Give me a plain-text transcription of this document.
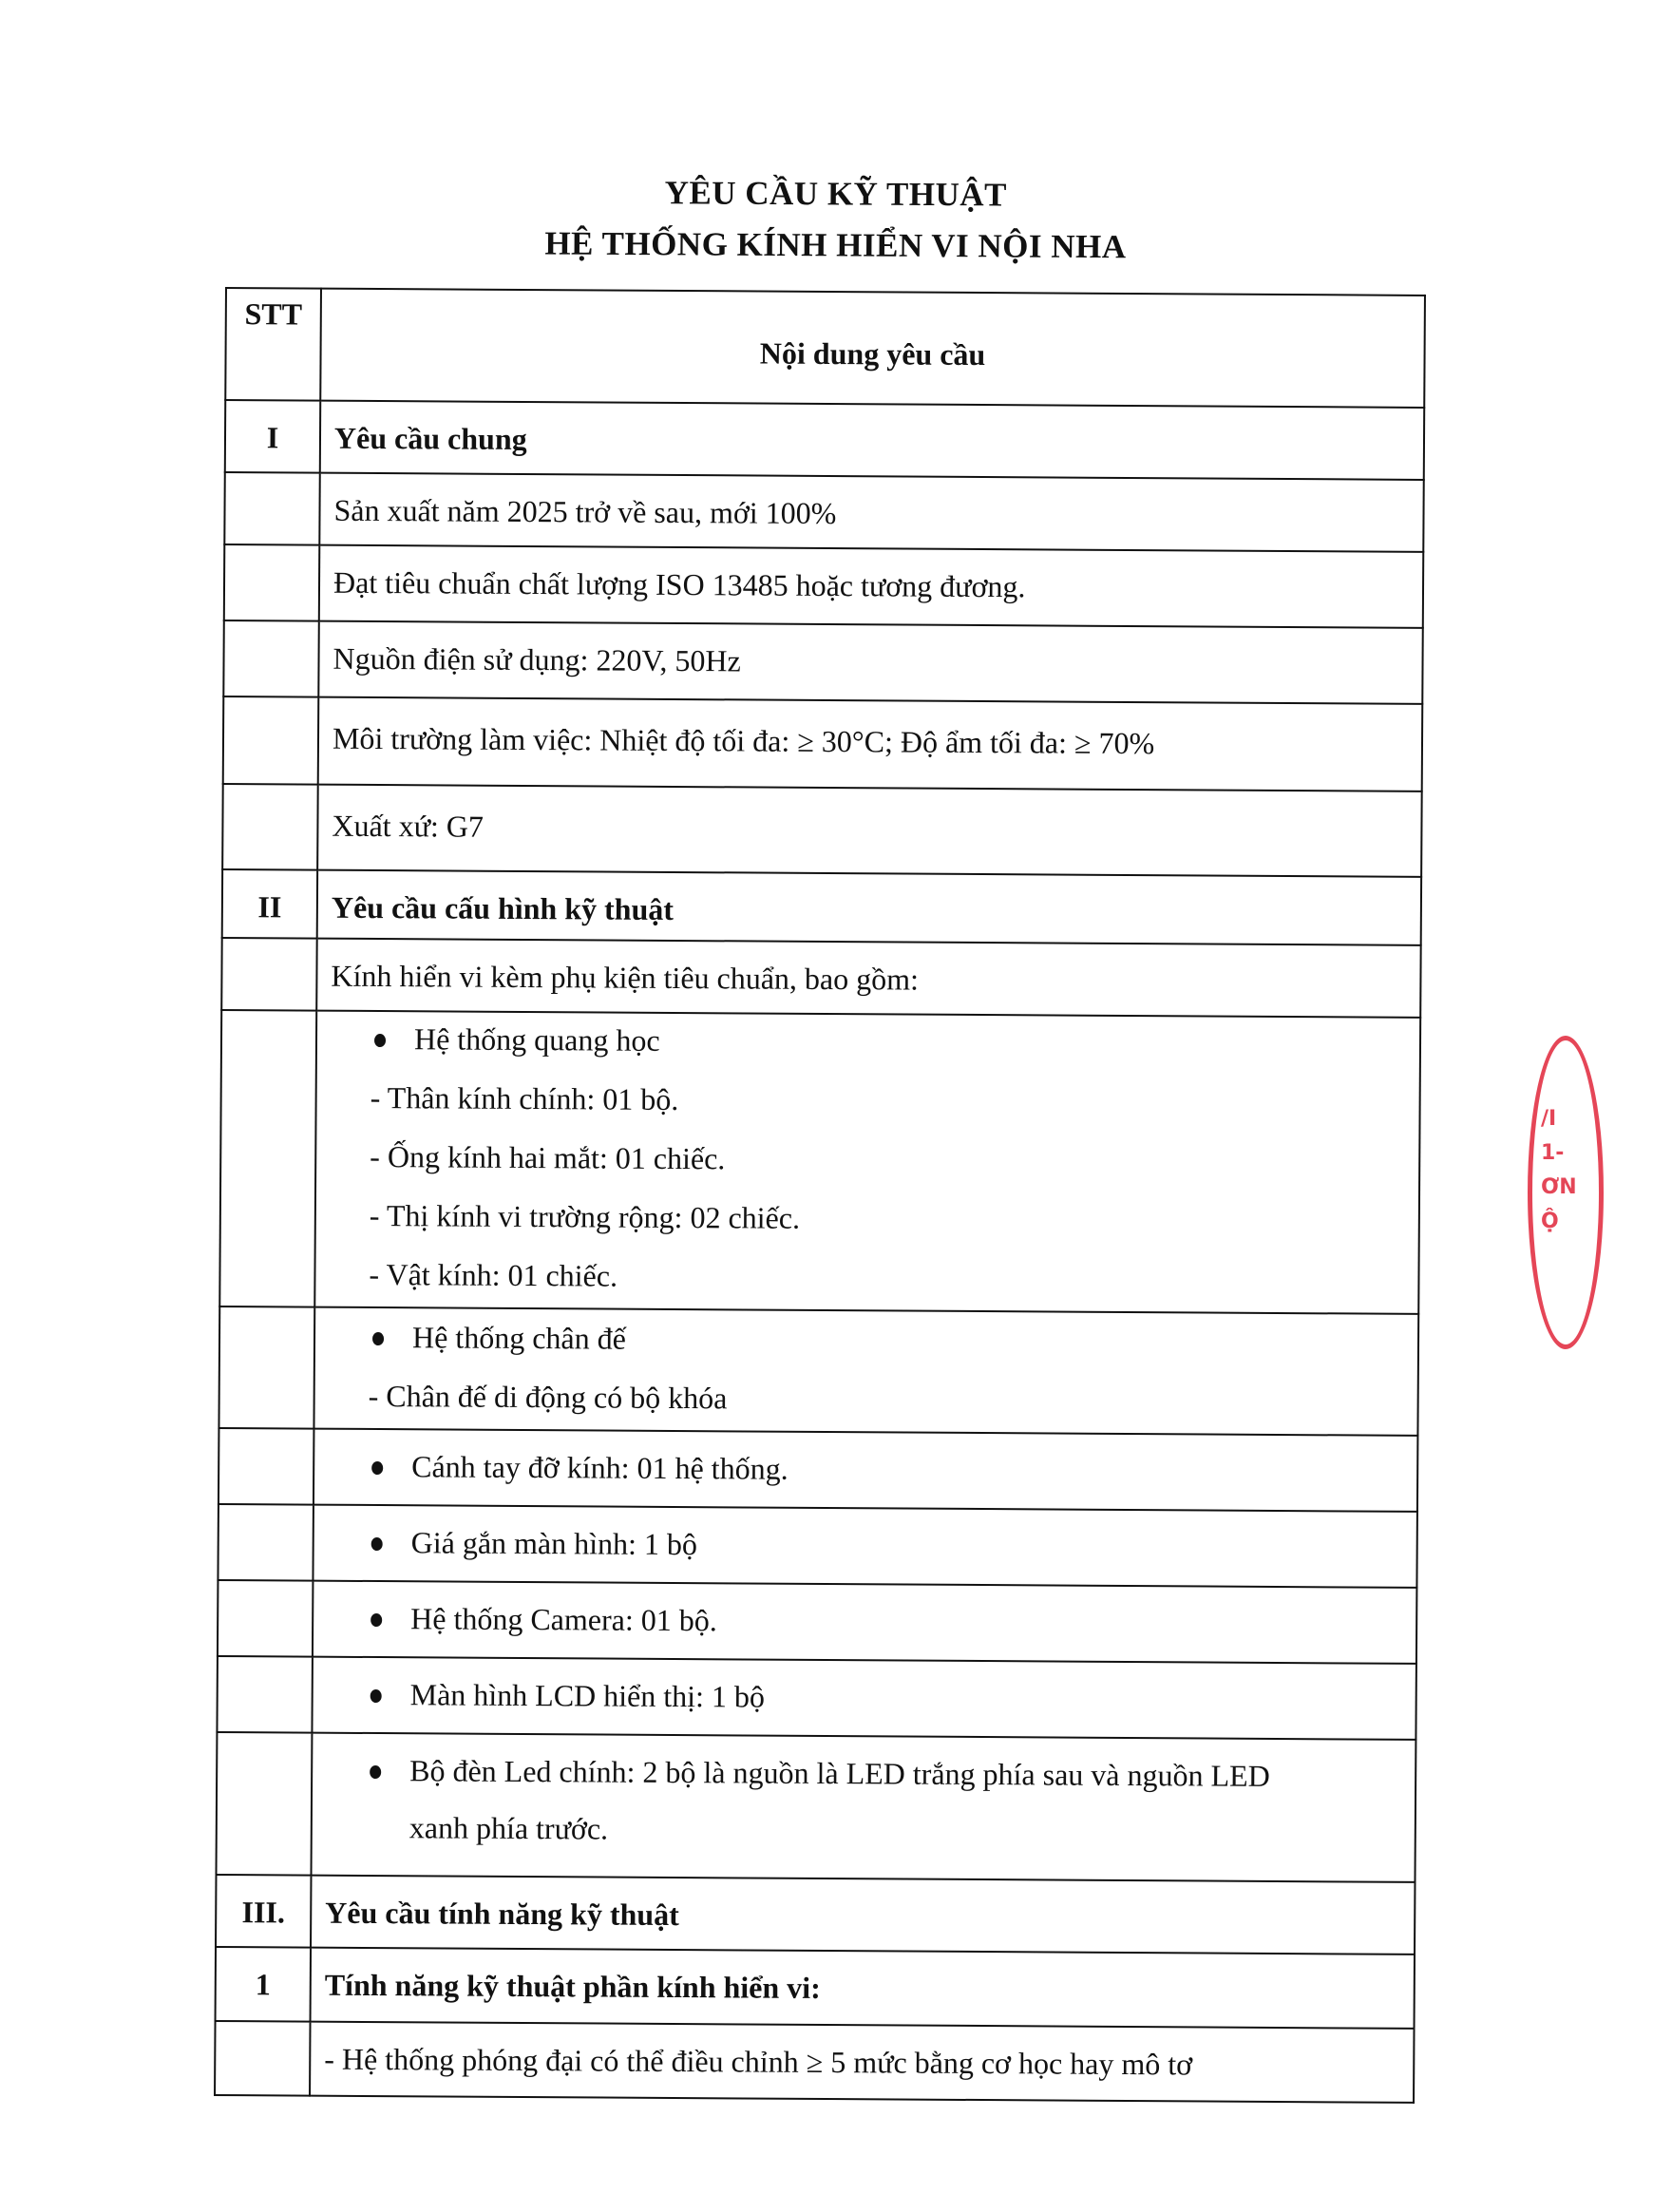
YÊU CẦU KỸ THUẬT
HỆ THỐNG KÍNH HIỂN VI NỘI NHA
STT	Nội dung yêu cầu
I	Yêu cầu chung
	Sản xuất năm 2025 trở về sau, mới 100%
	Đạt tiêu chuẩn chất lượng ISO 13485 hoặc tương đương.
	Nguồn điện sử dụng: 220V, 50Hz
	Môi trường làm việc: Nhiệt độ tối đa: ≥ 30°C; Độ ẩm tối đa: ≥ 70%
	Xuất xứ: G7
II	Yêu cầu cấu hình kỹ thuật
	Kính hiển vi kèm phụ kiện tiêu chuẩn, bao gồm:

	Hệ thống quang học
- Thân kính chính: 01 bộ.
- Ống kính hai mắt: 01 chiếc.
- Thị kính vi trường rộng: 02 chiếc.
- Vật kính: 01 chiếc.

	Hệ thống chân đế
- Chân đế di động có bộ khóa

	Cánh tay đỡ kính: 01 hệ thống.

	Giá gắn màn hình: 1 bộ

	Hệ thống Camera: 01 bộ.

	Màn hình LCD hiển thị: 1 bộ

	Bộ đèn Led chính: 2 bộ là nguồn là LED trắng phía sau và nguồn LED
xanh phía trước.

III.	Yêu cầu tính năng kỹ thuật
1	Tính năng kỹ thuật phần kính hiển vi:
	- Hệ thống phóng đại có thể điều chỉnh ≥ 5 mức bằng cơ học hay mô tơ
/I
1-
ƠN
Ộ
